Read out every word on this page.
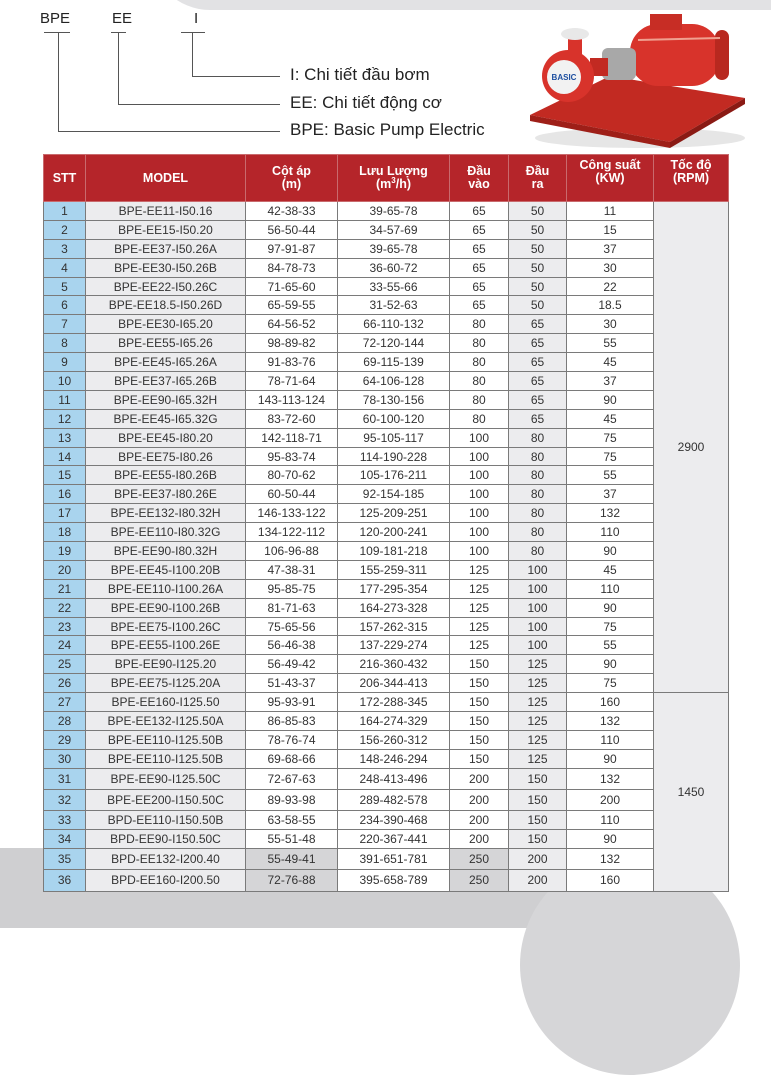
BPE	EE	I
I: Chi tiết đầu bơm
EE: Chi tiết động cơ
BPE: Basic Pump Electric
BASIC
STT	MODEL	Cột áp
(m)	Lưu Lượng
$(m^3/h)$	Đầu
vào	Đầu
ra	Công suất
(KW)	Tốc độ
(RPM)
1	BPE-EE11-I50.16	42-38-33	39-65-78	65	50	11	2900
2	BPE-EE15-I50.20	56-50-44	34-57-69	65	50	15
3	BPE-EE37-I50.26A	97-91-87	39-65-78	65	50	37
4	BPE-EE30-I50.26B	84-78-73	36-60-72	65	50	30
5	BPE-EE22-I50.26C	71-65-60	33-55-66	65	50	22
6	BPE-EE18.5-I50.26D	65-59-55	31-52-63	65	50	18.5
7	BPE-EE30-I65.20	64-56-52	66-110-132	80	65	30
8	BPE-EE55-I65.26	98-89-82	72-120-144	80	65	55
9	BPE-EE45-I65.26A	91-83-76	69-115-139	80	65	45
10	BPE-EE37-I65.26B	78-71-64	64-106-128	80	65	37
11	BPE-EE90-I65.32H	143-113-124	78-130-156	80	65	90
12	BPE-EE45-I65.32G	83-72-60	60-100-120	80	65	45
13	BPE-EE45-I80.20	142-118-71	95-105-117	100	80	75
14	BPE-EE75-I80.26	95-83-74	114-190-228	100	80	75
15	BPE-EE55-I80.26B	80-70-62	105-176-211	100	80	55
16	BPE-EE37-I80.26E	60-50-44	92-154-185	100	80	37
17	BPE-EE132-I80.32H	146-133-122	125-209-251	100	80	132
18	BPE-EE110-I80.32G	134-122-112	120-200-241	100	80	110
19	BPE-EE90-I80.32H	106-96-88	109-181-218	100	80	90
20	BPE-EE45-I100.20B	47-38-31	155-259-311	125	100	45
21	BPE-EE110-I100.26A	95-85-75	177-295-354	125	100	110
22	BPE-EE90-I100.26B	81-71-63	164-273-328	125	100	90
23	BPE-EE75-I100.26C	75-65-56	157-262-315	125	100	75
24	BPE-EE55-I100.26E	56-46-38	137-229-274	125	100	55
25	BPE-EE90-I125.20	56-49-42	216-360-432	150	125	90
26	BPE-EE75-I125.20A	51-43-37	206-344-413	150	125	75
27	BPE-EE160-I125.50	95-93-91	172-288-345	150	125	160	1450
28	BPE-EE132-I125.50A	86-85-83	164-274-329	150	125	132
29	BPE-EE110-I125.50B	78-76-74	156-260-312	150	125	110
30	BPE-EE110-I125.50B	69-68-66	148-246-294	150	125	90
31	BPE-EE90-I125.50C	72-67-63	248-413-496	200	150	132
32	BPE-EE200-I150.50C	89-93-98	289-482-578	200	150	200
33	BPD-EE110-I150.50B	63-58-55	234-390-468	200	150	110
34	BPD-EE90-I150.50C	55-51-48	220-367-441	200	150	90
35	BPD-EE132-I200.40	55-49-41	391-651-781	250	200	132
36	BPD-EE160-I200.50	72-76-88	395-658-789	250	200	160
